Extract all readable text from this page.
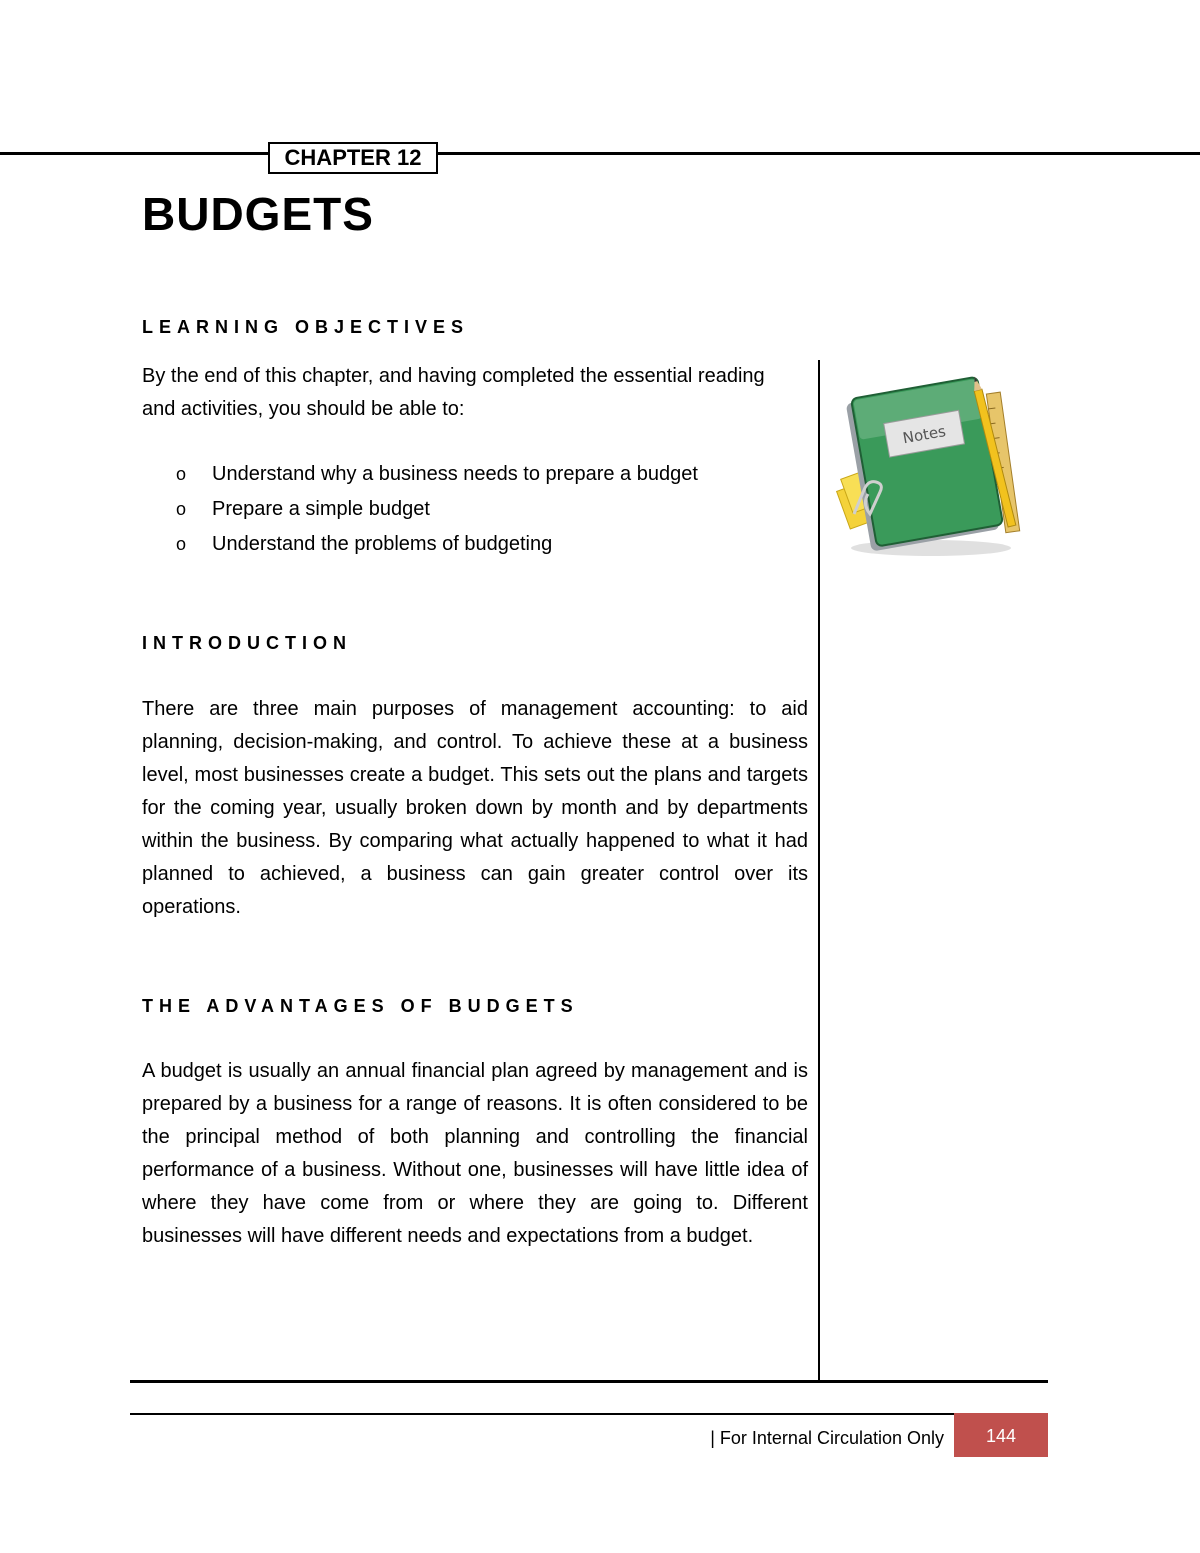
CHAPTER 12
BUDGETS
LEARNING OBJECTIVES
By the end of this chapter, and having completed the essential reading and activities, you should be able to:
o Understand why a business needs to prepare a budget
o Prepare a simple budget
o Understand the problems of budgeting
INTRODUCTION
There are three main purposes of management accounting: to aid planning, decision-making, and control. To achieve these at a business level, most businesses create a budget. This sets out the plans and targets for the coming year, usually broken down by month and by departments within the business. By comparing what actually happened to what it had planned to achieved, a business can gain greater control over its operations.
THE ADVANTAGES OF BUDGETS
A budget is usually an annual financial plan agreed by management and is prepared by a business for a range of reasons. It is often considered to be the principal method of both planning and controlling the financial performance of a business. Without one, businesses will have little idea of where they have come from or where they are going to. Different businesses will have different needs and expectations from a budget.
Notes
| For Internal Circulation Only	144
